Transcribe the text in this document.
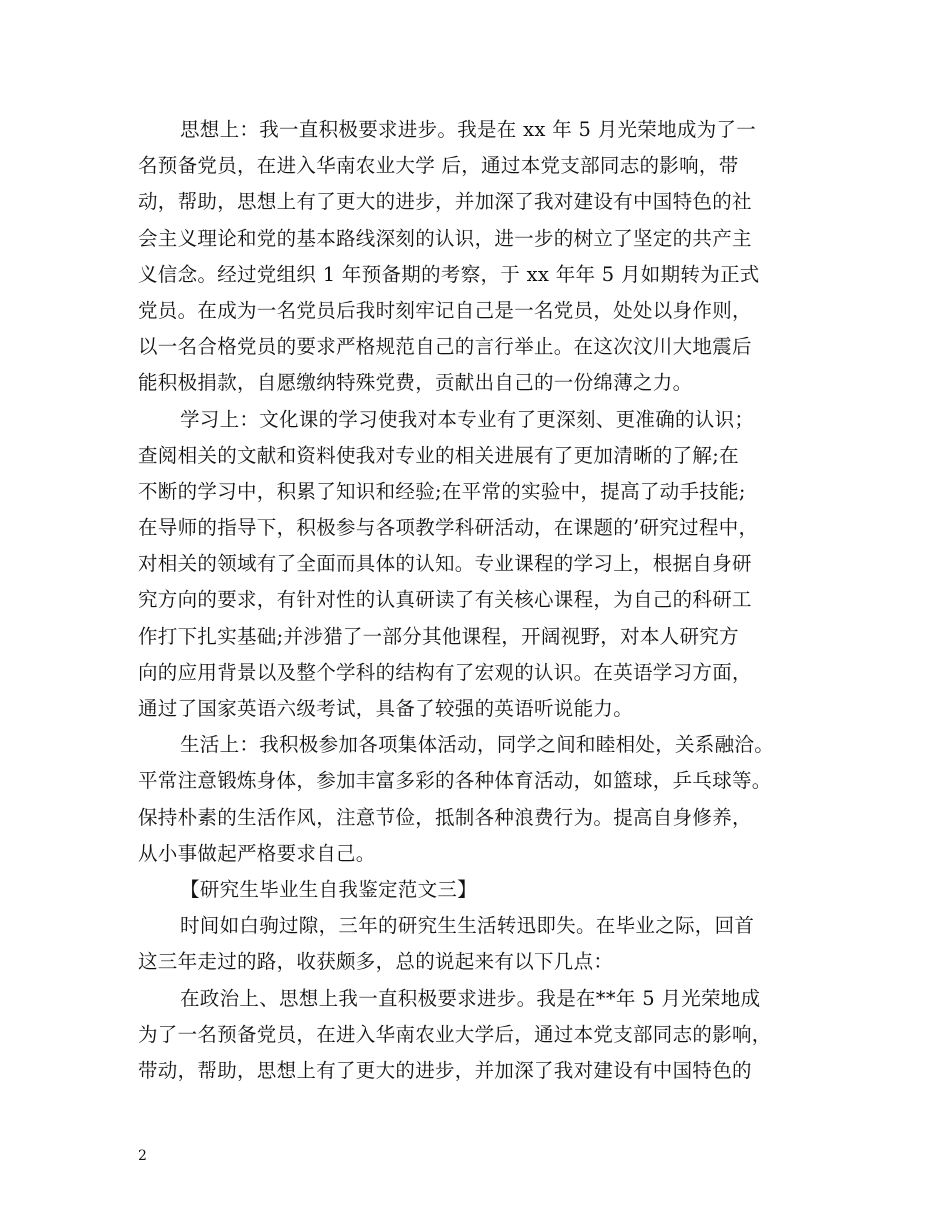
思想上：我一直积极要求进步。我是在 xx 年 5 月光荣地成为了一
名预备党员，在进入华南农业大学 后，通过本党支部同志的影响，带
动，帮助，思想上有了更大的进步，并加深了我对建设有中国特色的社
会主义理论和党的基本路线深刻的认识，进一步的树立了坚定的共产主
义信念。经过党组织 1 年预备期的考察，于 xx 年年 5 月如期转为正式
党员。在成为一名党员后我时刻牢记自己是一名党员，处处以身作则，
以一名合格党员的要求严格规范自己的言行举止。在这次汶川大地震后
能积极捐款，自愿缴纳特殊党费，贡献出自己的一份绵薄之力。
学习上：文化课的学习使我对本专业有了更深刻、更准确的认识；
查阅相关的文献和资料使我对专业的相关进展有了更加清晰的了解;在
不断的学习中，积累了知识和经验;在平常的实验中，提高了动手技能;
在导师的指导下，积极参与各项教学科研活动，在课题的’研究过程中，
对相关的领域有了全面而具体的认知。专业课程的学习上，根据自身研
究方向的要求，有针对性的认真研读了有关核心课程，为自己的科研工
作打下扎实基础;并涉猎了一部分其他课程，开阔视野，对本人研究方
向的应用背景以及整个学科的结构有了宏观的认识。在英语学习方面，
通过了国家英语六级考试，具备了较强的英语听说能力。
生活上：我积极参加各项集体活动，同学之间和睦相处，关系融洽。
平常注意锻炼身体，参加丰富多彩的各种体育活动，如篮球，乒乓球等。
保持朴素的生活作风，注意节俭，抵制各种浪费行为。提高自身修养，
从小事做起严格要求自己。
【研究生毕业生自我鉴定范文三】
时间如白驹过隙，三年的研究生生活转迅即失。在毕业之际，回首
这三年走过的路，收获颇多，总的说起来有以下几点：
在政治上、思想上我一直积极要求进步。我是在**年 5 月光荣地成
为了一名预备党员，在进入华南农业大学后，通过本党支部同志的影响，
带动，帮助，思想上有了更大的进步，并加深了我对建设有中国特色的
2
